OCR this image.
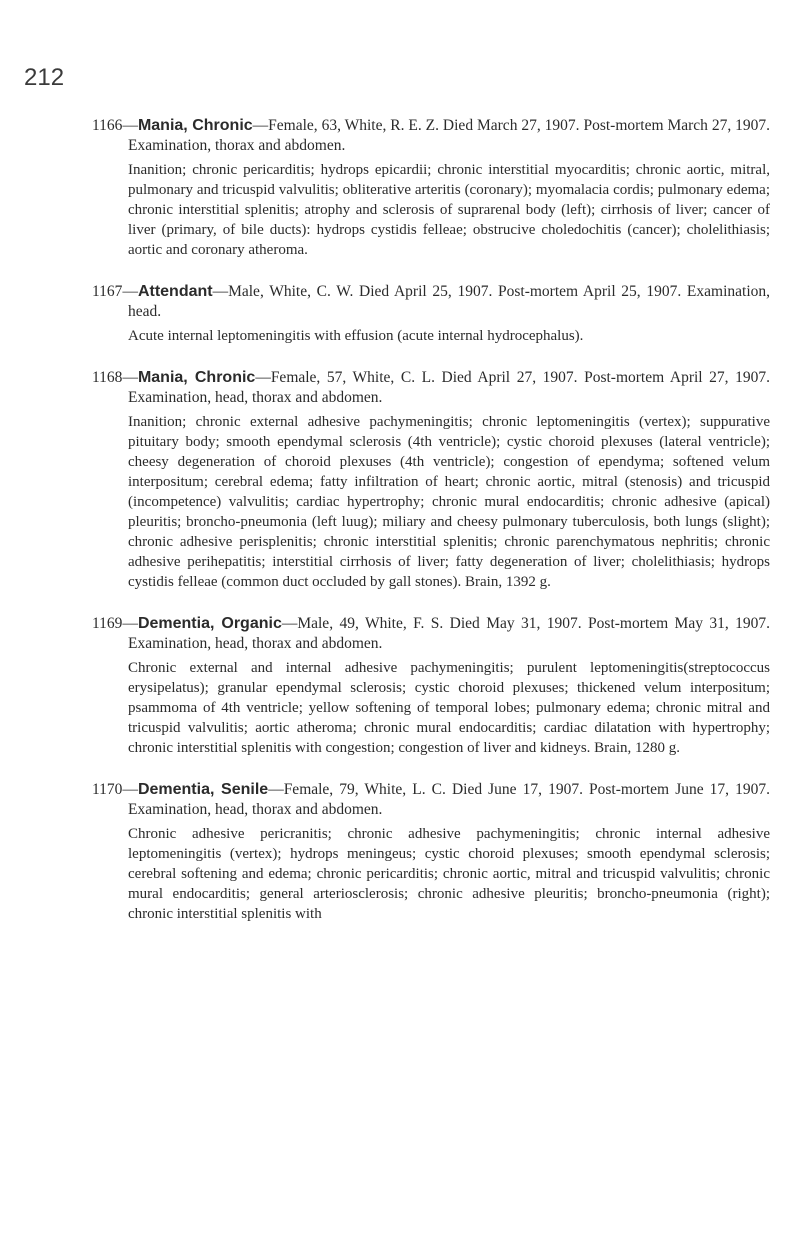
212
1166—Mania, Chronic—Female, 63, White, R. E. Z. Died March 27, 1907. Post-mortem March 27, 1907. Examination, thorax and abdomen.
Inanition; chronic pericarditis; hydrops epicardii; chronic interstitial myocarditis; chronic aortic, mitral, pulmonary and tricuspid valvulitis; obliterative arteritis (coronary); myomalacia cordis; pulmonary edema; chronic interstitial splenitis; atrophy and sclerosis of suprarenal body (left); cirrhosis of liver; cancer of liver (primary, of bile ducts): hydrops cystidis felleae; obstrucive choledochitis (cancer); cholelithiasis; aortic and coronary atheroma.
1167—Attendant—Male, White, C. W. Died April 25, 1907. Post-mortem April 25, 1907. Examination, head.
Acute internal leptomeningitis with effusion (acute internal hydrocephalus).
1168—Mania, Chronic—Female, 57, White, C. L. Died April 27, 1907. Post-mortem April 27, 1907. Examination, head, thorax and abdomen.
Inanition; chronic external adhesive pachymeningitis; chronic leptomeningitis (vertex); suppurative pituitary body; smooth ependymal sclerosis (4th ventricle); cystic choroid plexuses (lateral ventricle); cheesy degeneration of choroid plexuses (4th ventricle); congestion of ependyma; softened velum interpositum; cerebral edema; fatty infiltration of heart; chronic aortic, mitral (stenosis) and tricuspid (incompetence) valvulitis; cardiac hypertrophy; chronic mural endocarditis; chronic adhesive (apical) pleuritis; broncho-pneumonia (left luug); miliary and cheesy pulmonary tuberculosis, both lungs (slight); chronic adhesive perisplenitis; chronic interstitial splenitis; chronic parenchymatous nephritis; chronic adhesive perihepatitis; interstitial cirrhosis of liver; fatty degeneration of liver; cholelithiasis; hydrops cystidis felleae (common duct occluded by gall stones). Brain, 1392 g.
1169—Dementia, Organic—Male, 49, White, F. S. Died May 31, 1907. Post-mortem May 31, 1907. Examination, head, thorax and abdomen.
Chronic external and internal adhesive pachymeningitis; purulent leptomeningitis(streptococcus erysipelatus); granular ependymal sclerosis; cystic choroid plexuses; thickened velum interpositum; psammoma of 4th ventricle; yellow softening of temporal lobes; pulmonary edema; chronic mitral and tricuspid valvulitis; aortic atheroma; chronic mural endocarditis; cardiac dilatation with hypertrophy; chronic interstitial splenitis with congestion; congestion of liver and kidneys. Brain, 1280 g.
1170—Dementia, Senile—Female, 79, White, L. C. Died June 17, 1907. Post-mortem June 17, 1907. Examination, head, thorax and abdomen.
Chronic adhesive pericranitis; chronic adhesive pachymeningitis; chronic internal adhesive leptomeningitis (vertex); hydrops meningeus; cystic choroid plexuses; smooth ependymal sclerosis; cerebral softening and edema; chronic pericarditis; chronic aortic, mitral and tricuspid valvulitis; chronic mural endocarditis; general arteriosclerosis; chronic adhesive pleuritis; broncho-pneumonia (right); chronic interstitial splenitis with
